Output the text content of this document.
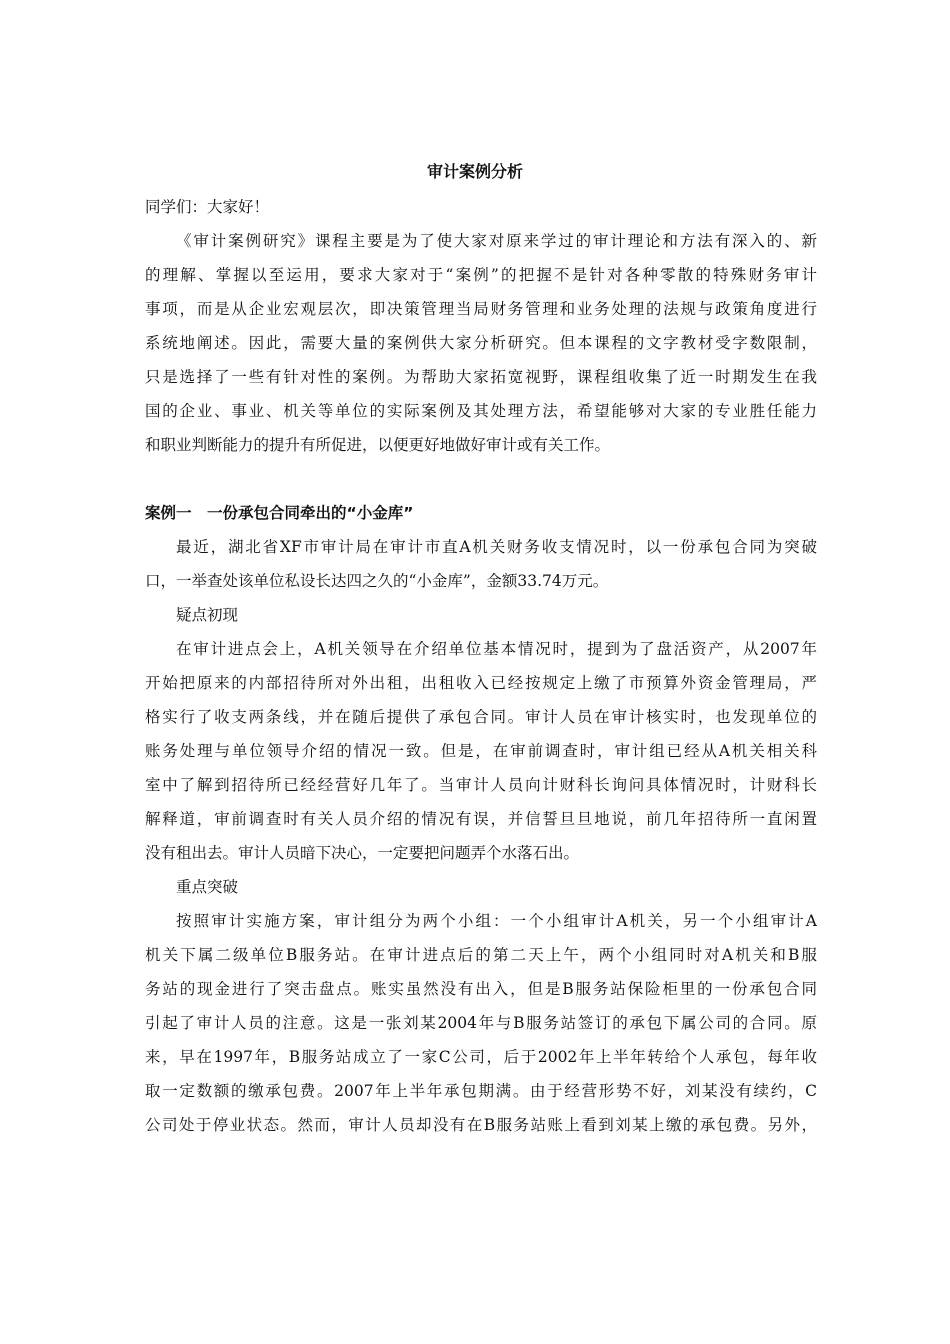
审计案例分析
同学们：大家好！
《审计案例研究》课程主要是为了使大家对原来学过的审计理论和方法有深入的、新
的理解、掌握以至运用，要求大家对于“案例”的把握不是针对各种零散的特殊财务审计
事项，而是从企业宏观层次，即决策管理当局财务管理和业务处理的法规与政策角度进行
系统地阐述。因此，需要大量的案例供大家分析研究。但本课程的文字教材受字数限制，
只是选择了一些有针对性的案例。为帮助大家拓宽视野，课程组收集了近一时期发生在我
国的企业、事业、机关等单位的实际案例及其处理方法，希望能够对大家的专业胜任能力
和职业判断能力的提升有所促进，以便更好地做好审计或有关工作。
案例一　一份承包合同牵出的“小金库”
最近，湖北省XF市审计局在审计市直A机关财务收支情况时，以一份承包合同为突破
口，一举查处该单位私设长达四之久的“小金库”，金额33.74万元。
疑点初现
在审计进点会上，A机关领导在介绍单位基本情况时，提到为了盘活资产，从2007年
开始把原来的内部招待所对外出租，出租收入已经按规定上缴了市预算外资金管理局，严
格实行了收支两条线，并在随后提供了承包合同。审计人员在审计核实时，也发现单位的
账务处理与单位领导介绍的情况一致。但是，在审前调查时，审计组已经从A机关相关科
室中了解到招待所已经经营好几年了。当审计人员向计财科长询问具体情况时，计财科长
解释道，审前调查时有关人员介绍的情况有误，并信誓旦旦地说，前几年招待所一直闲置
没有租出去。审计人员暗下决心，一定要把问题弄个水落石出。
重点突破
按照审计实施方案，审计组分为两个小组：一个小组审计A机关，另一个小组审计A
机关下属二级单位B服务站。在审计进点后的第二天上午，两个小组同时对A机关和B服
务站的现金进行了突击盘点。账实虽然没有出入，但是B服务站保险柜里的一份承包合同
引起了审计人员的注意。这是一张刘某2004年与B服务站签订的承包下属公司的合同。原
来，早在1997年，B服务站成立了一家C公司，后于2002年上半年转给个人承包，每年收
取一定数额的缴承包费。2007年上半年承包期满。由于经营形势不好，刘某没有续约，C
公司处于停业状态。然而，审计人员却没有在B服务站账上看到刘某上缴的承包费。另外，
